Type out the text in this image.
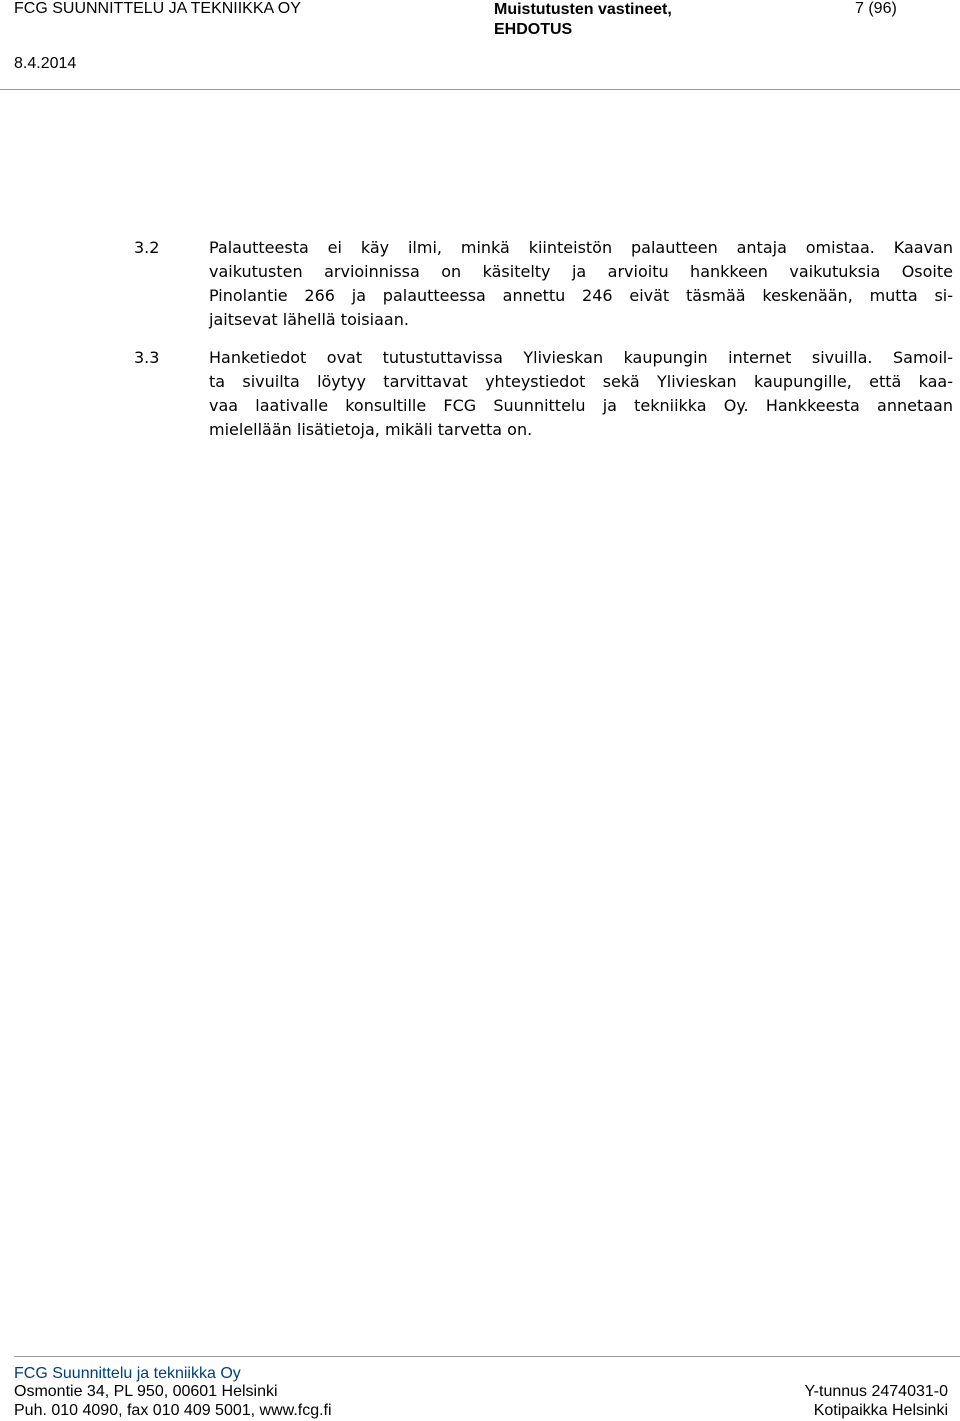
FCG SUUNNITTELU JA TEKNIIKKA OY	Muistutusten vastineet,
EHDOTUS
7 (96)
8.4.2014
3.2	Palautteesta ei käy ilmi, minkä kiinteistön palautteen antaja omistaa. Kaavan
vaikutusten arvioinnissa on käsitelty ja arvioitu hankkeen vaikutuksia Osoite
Pinolantie 266 ja palautteessa annettu 246 eivät täsmää keskenään, mutta si-
jaitsevat lähellä toisiaan.
3.3	Hanketiedot ovat tutustuttavissa Ylivieskan kaupungin internet sivuilla. Samoil-
ta sivuilta löytyy tarvittavat yhteystiedot sekä Ylivieskan kaupungille, että kaa-
vaa laativalle konsultille FCG Suunnittelu ja tekniikka Oy. Hankkeesta annetaan
mielellään lisätietoja, mikäli tarvetta on.
FCG Suunnittelu ja tekniikka Oy
Osmontie 34, PL 950, 00601 Helsinki
Puh. 010 4090, fax 010 409 5001, www.fcg.fi
Y-tunnus 2474031-0
Kotipaikka Helsinki
